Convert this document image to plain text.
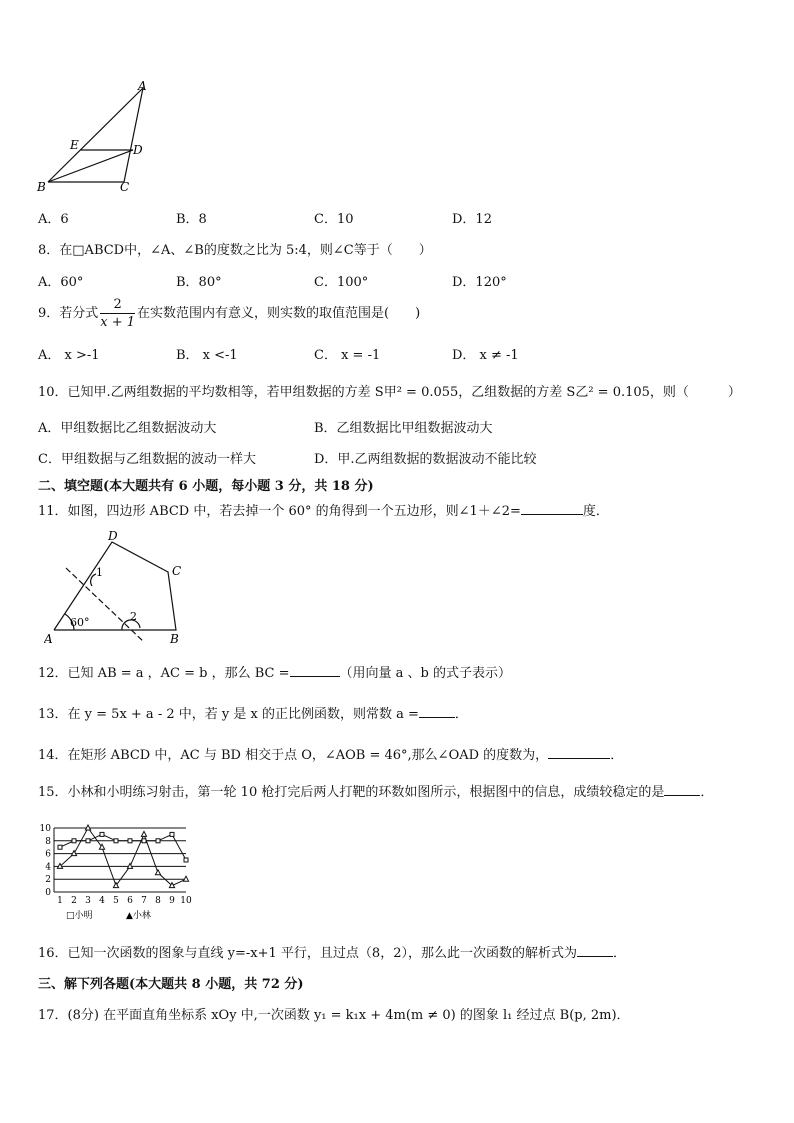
A
E	D
B	C
A．6	B．8	C．10	D．12
8．在□ABCD中，∠A、∠B的度数之比为 5:4，则∠C等于（　　）
A．60°	B．80°	C．100°	D．120°
9．若分式 $\frac{2}{x + 1}$ 在实数范围内有意义，则实数的取值范围是(　　)
A． x >-1	B． x <-1	C． x = -1	D． x ≠ -1
10．已知甲.乙两组数据的平均数相等，若甲组数据的方差 S甲² = 0.055，乙组数据的方差 S乙² = 0.105，则（　　　）
A．甲组数据比乙组数据波动大	B．乙组数据比甲组数据波动大
C．甲组数据与乙组数据的波动一样大	D．甲.乙两组数据的数据波动不能比较
二、填空题(本大题共有 6 小题，每小题 3 分，共 18 分)
11．如图，四边形 ABCD 中，若去掉一个 60° 的角得到一个五边形，则∠1＋∠2=	度．
A	B
C
D
1
2
60°
12．已知 AB = a ，AC = b ，那么 BC =	（用向量 a 、b 的式子表示）
13．在 y = 5x + a - 2 中，若 y 是 x 的正比例函数，则常数 a =	．
14．在矩形 ABCD 中，AC 与 BD 相交于点 O，∠AOB = 46°,那么∠OAD 的度数为，	．
15．小林和小明练习射击，第一轮 10 枪打完后两人打靶的环数如图所示，根据图中的信息，成绩较稳定的是	．
0
2
4
6
8
10
1 2 3 4 5 6 7 8 9 10
□小明	▲小林
16．已知一次函数的图象与直线 y=-x+1 平行，且过点（8，2），那么此一次函数的解析式为	．
三、解下列各题(本大题共 8 小题，共 72 分)
17．(8分) 在平面直角坐标系 xOy 中,一次函数 y₁ = k₁x + 4m(m ≠ 0) 的图象 l₁ 经过点 B(p, 2m)．
